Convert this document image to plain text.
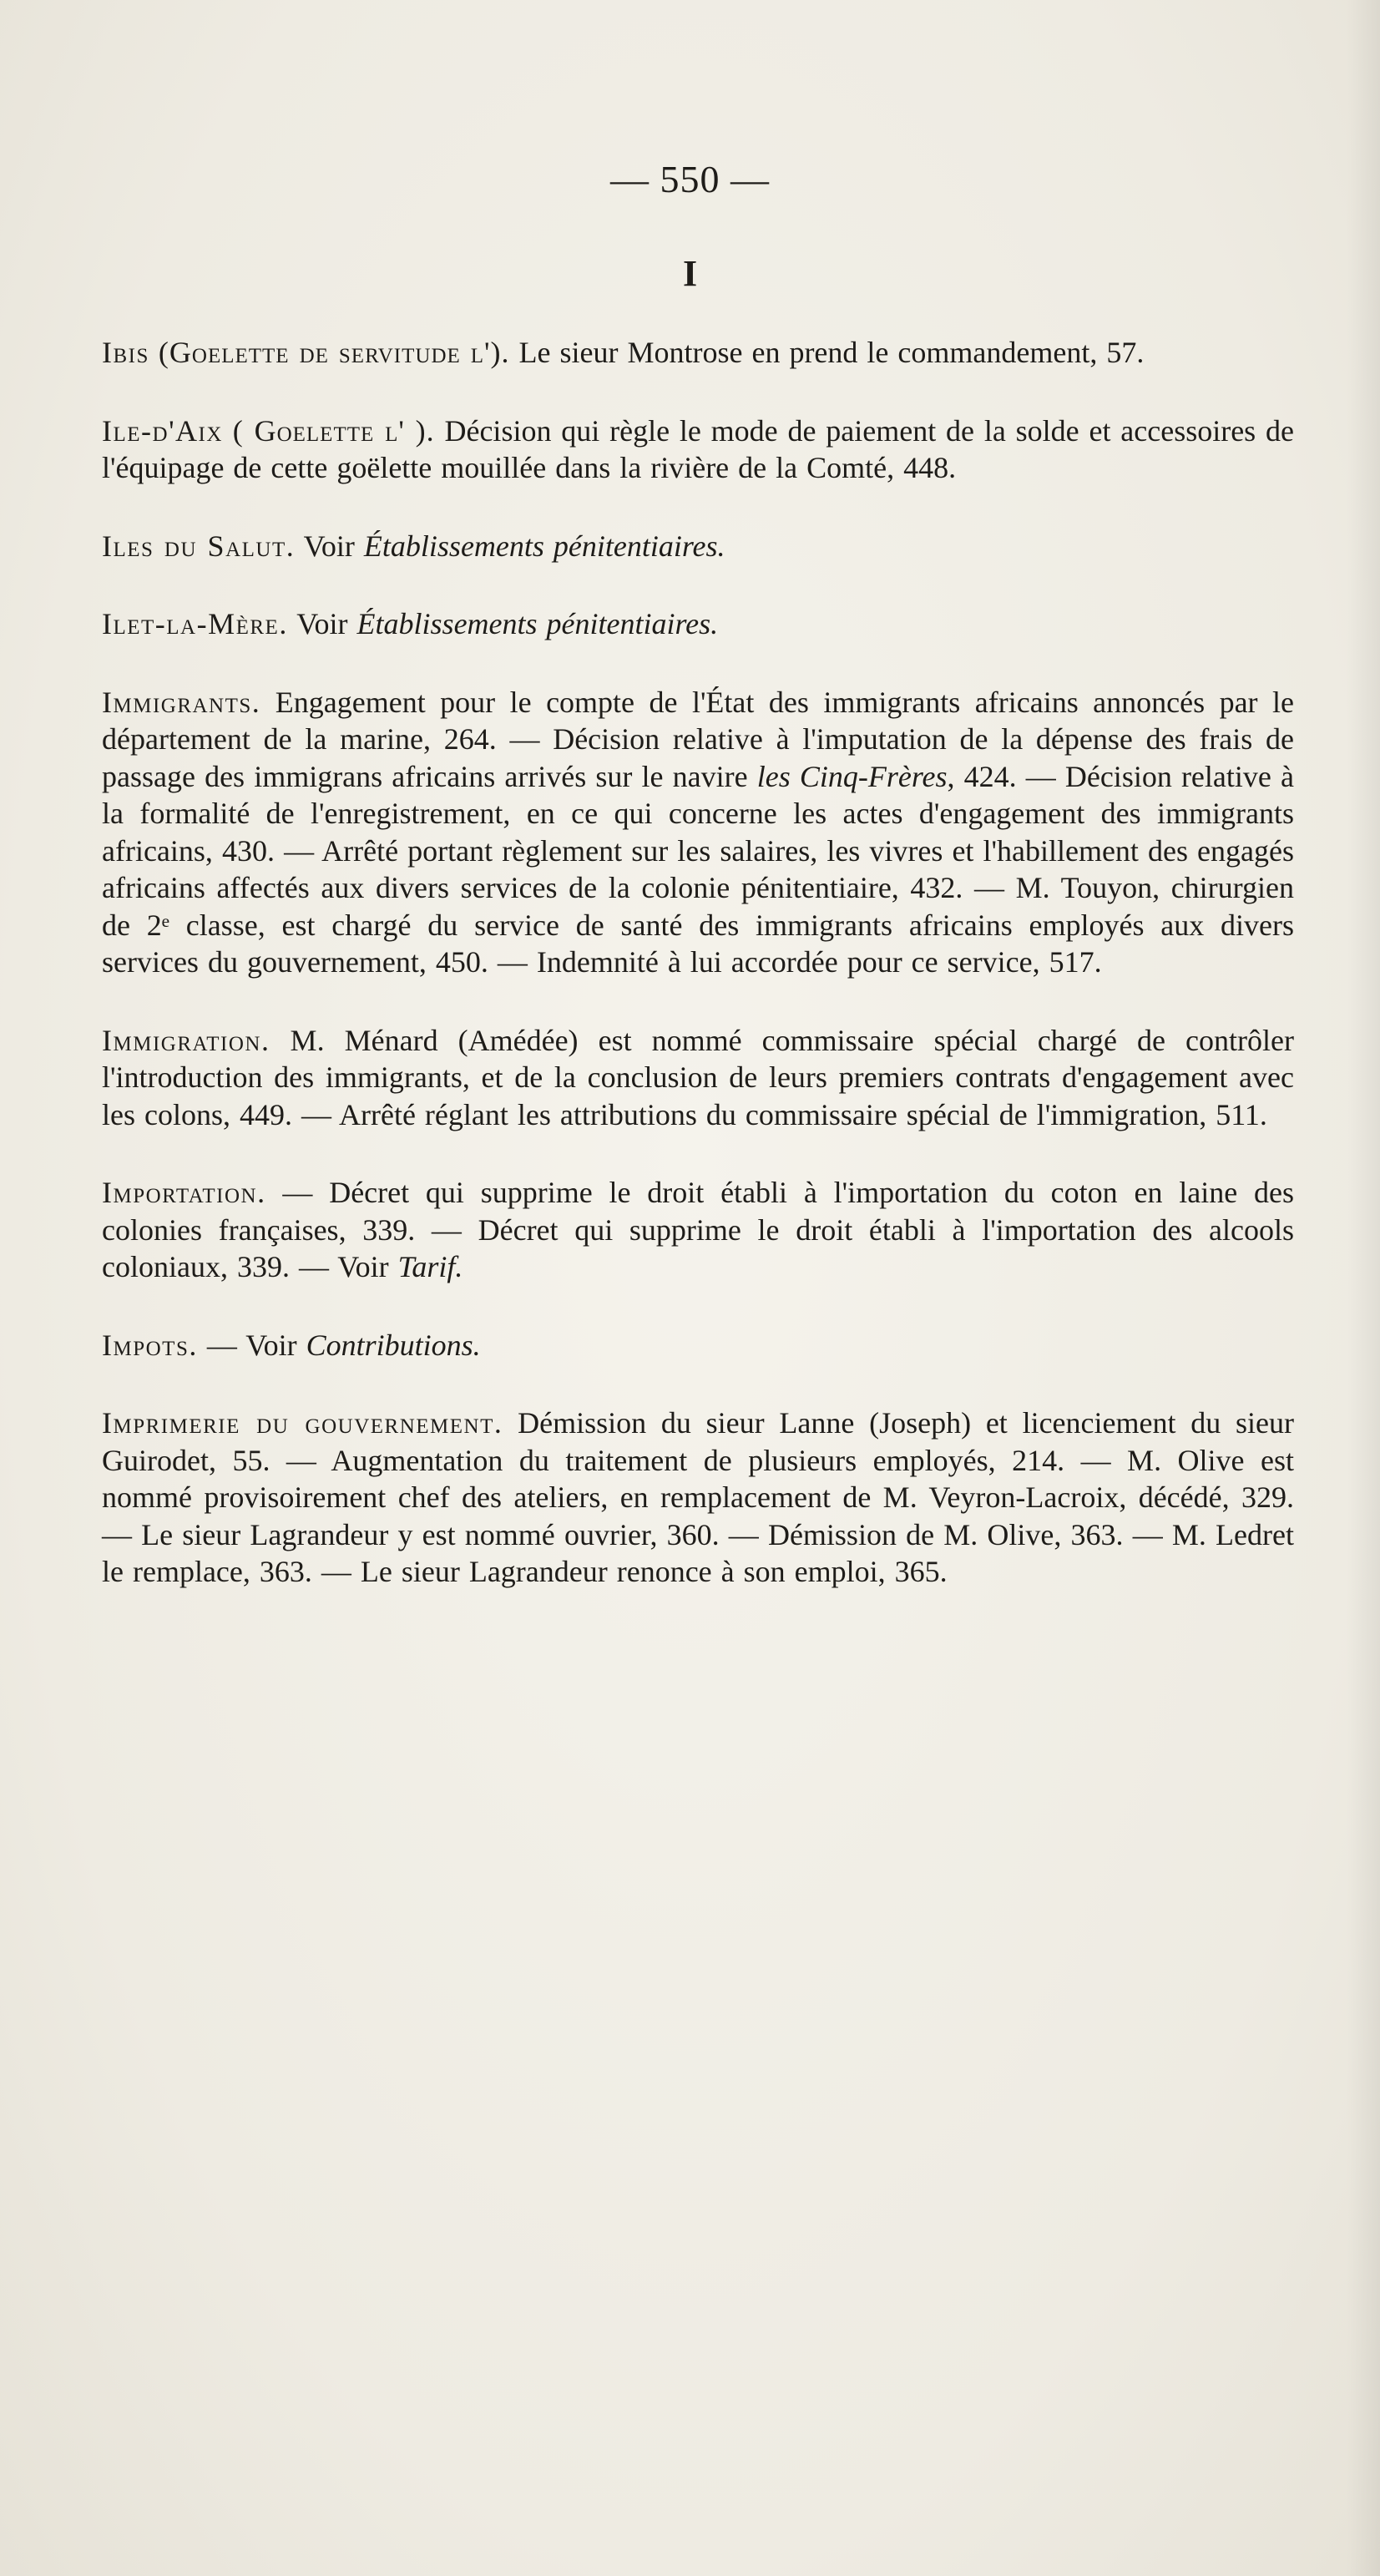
— 550 —
I

Ibis (Goelette de servitude l'). Le sieur Montrose en prend le commandement, 57.

Ile-d'Aix ( Goelette l' ). Décision qui règle le mode de paiement de la solde et accessoires de l'équipage de cette goëlette mouillée dans la rivière de la Comté, 448.

Iles du Salut. Voir Établissements pénitentiaires.

Ilet-la-Mère. Voir Établissements pénitentiaires.

Immigrants. Engagement pour le compte de l'État des immigrants africains annoncés par le département de la marine, 264. — Décision relative à l'imputation de la dépense des frais de passage des immigrans africains arrivés sur le navire les Cinq-Frères, 424. — Décision relative à la formalité de l'enregistrement, en ce qui concerne les actes d'engagement des immigrants africains, 430. — Arrêté portant règlement sur les salaires, les vivres et l'habillement des engagés africains affectés aux divers services de la colonie pénitentiaire, 432. — M. Touyon, chirurgien de 2ᵉ classe, est chargé du service de santé des immigrants africains employés aux divers services du gouvernement, 450. — Indemnité à lui accordée pour ce service, 517.

Immigration. M. Ménard (Amédée) est nommé commissaire spécial chargé de contrôler l'introduction des immigrants, et de la conclusion de leurs premiers contrats d'engagement avec les colons, 449. — Arrêté réglant les attributions du commissaire spécial de l'immigration, 511.

Importation. — Décret qui supprime le droit établi à l'importation du coton en laine des colonies françaises, 339. — Décret qui supprime le droit établi à l'importation des alcools coloniaux, 339. — Voir Tarif.

Impots. — Voir Contributions.

Imprimerie du gouvernement. Démission du sieur Lanne (Joseph) et licenciement du sieur Guirodet, 55. — Augmentation du traitement de plusieurs employés, 214. — M. Olive est nommé provisoirement chef des ateliers, en remplacement de M. Veyron-Lacroix, décédé, 329. — Le sieur Lagrandeur y est nommé ouvrier, 360. — Démission de M. Olive, 363. — M. Ledret le remplace, 363. — Le sieur Lagrandeur renonce à son emploi, 365.
